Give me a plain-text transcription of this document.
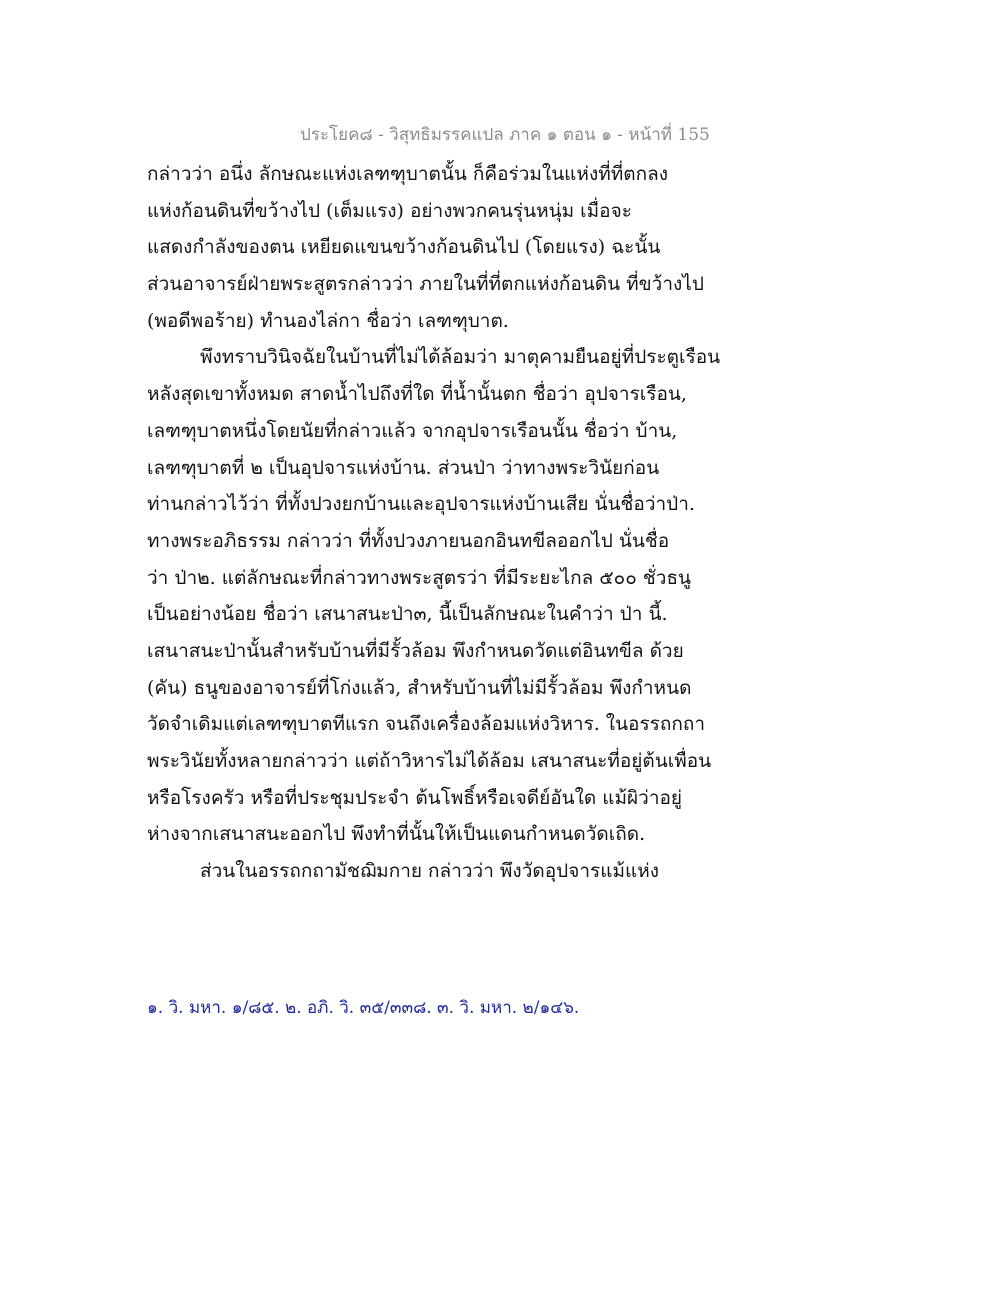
ประโยค๘ - วิสุทธิมรรคแปล ภาค ๑ ตอน ๑ - หน้าที่ 155
กล่าวว่า อนึ่ง ลักษณะแห่งเลฑฑุบาตนั้น ก็คือร่วมในแห่งที่ที่ตกลง
แห่งก้อนดินที่ขว้างไป (เต็มแรง) อย่างพวกคนรุ่นหนุ่ม เมื่อจะ
แสดงกำลังของตน เหยียดแขนขว้างก้อนดินไป (โดยแรง) ฉะนั้น
ส่วนอาจารย์ฝ่ายพระสูตรกล่าวว่า ภายในที่ที่ตกแห่งก้อนดิน ที่ขว้างไป
(พอดีพอร้าย) ทำนองไล่กา ชื่อว่า เลฑฑุบาต.
พึงทราบวินิจฉัยในบ้านที่ไม่ได้ล้อมว่า มาตุคามยืนอยู่ที่ประตูเรือน
หลังสุดเขาทั้งหมด สาดน้ำไปถึงที่ใด ที่น้ำนั้นตก ชื่อว่า อุปจารเรือน,
เลฑฑุบาตหนึ่งโดยนัยที่กล่าวแล้ว จากอุปจารเรือนนั้น ชื่อว่า บ้าน,
เลฑฑุบาตที่ ๒ เป็นอุปจารแห่งบ้าน. ส่วนป่า ว่าทางพระวินัยก่อน
ท่านกล่าวไว้ว่า ที่ทั้งปวงยกบ้านและอุปจารแห่งบ้านเสีย นั่นชื่อว่าป่า.
ทางพระอภิธรรม กล่าวว่า ที่ทั้งปวงภายนอกอินทขีลออกไป นั่นชื่อ
ว่า ป่า๒. แต่ลักษณะที่กล่าวทางพระสูตรว่า ที่มีระยะไกล ๕๐๐ ชั่วธนู
เป็นอย่างน้อย ชื่อว่า เสนาสนะป่า๓, นี้เป็นลักษณะในคำว่า ป่า นี้.
เสนาสนะป่านั้นสำหรับบ้านที่มีรั้วล้อม พึงกำหนดวัดแต่อินทขีล ด้วย
(คัน) ธนูของอาจารย์ที่โก่งแล้ว, สำหรับบ้านที่ไม่มีรั้วล้อม พึงกำหนด
วัดจำเดิมแต่เลฑฑุบาตทีแรก จนถึงเครื่องล้อมแห่งวิหาร. ในอรรถกถา
พระวินัยทั้งหลายกล่าวว่า แต่ถ้าวิหารไม่ได้ล้อม เสนาสนะที่อยู่ต้นเพื่อน
หรือโรงครัว หรือที่ประชุมประจำ ต้นโพธิ์หรือเจดีย์อันใด แม้ผิว่าอยู่
ห่างจากเสนาสนะออกไป พึงทำที่นั้นให้เป็นแดนกำหนดวัดเถิด.
ส่วนในอรรถกถามัชฌิมกาย กล่าวว่า พึงวัดอุปจารแม้แห่ง
๑. วิ. มหา. ๑/๘๕. ๒. อภิ. วิ. ๓๕/๓๓๘. ๓. วิ. มหา. ๒/๑๔๖.
